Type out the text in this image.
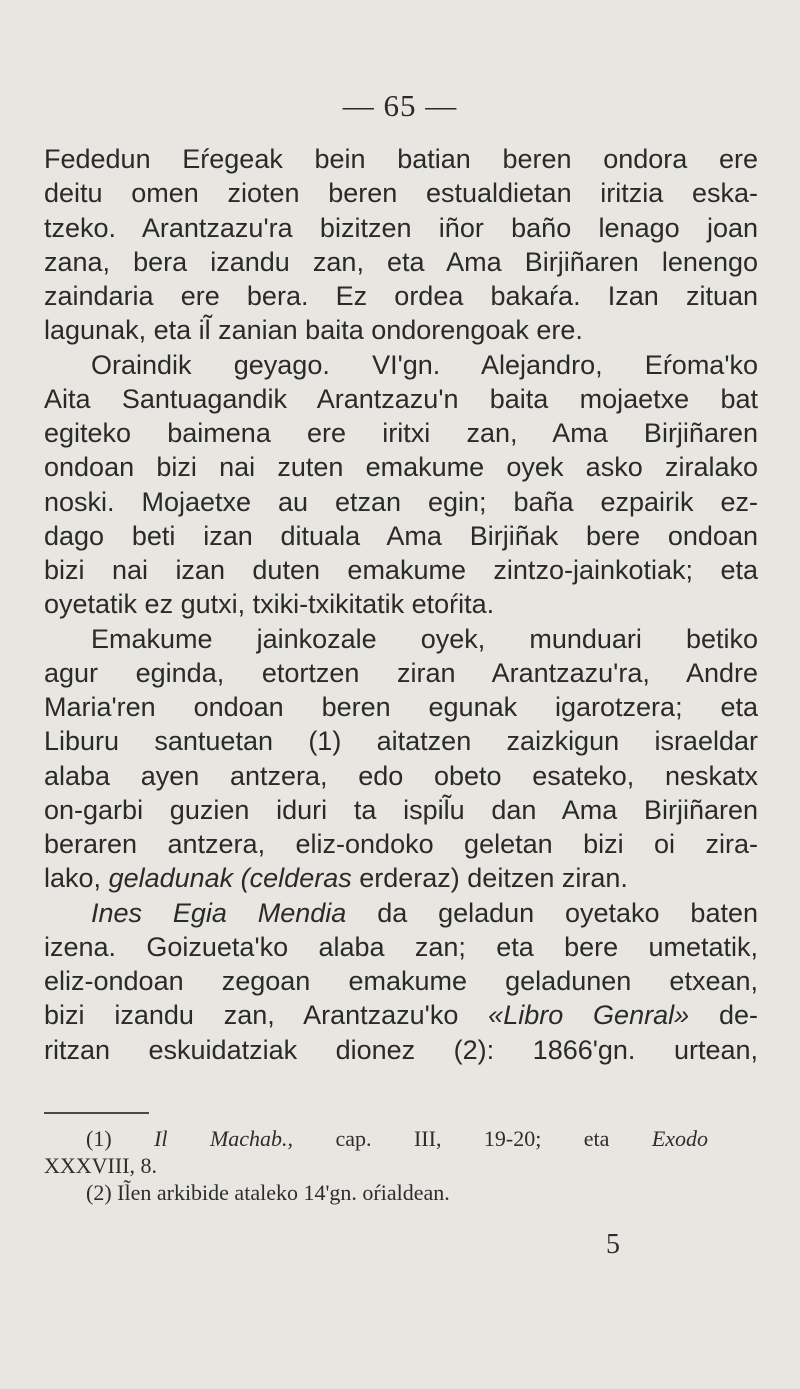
— 65 —
Fededun Eŕegeak bein batian beren ondora ere
deitu omen zioten beren estualdietan iritzia eska-
tzeko. Arantzazu'ra bizitzen iñor baño lenago joan
zana, bera izandu zan, eta Ama Birjiñaren lenengo
zaindaria ere bera. Ez ordea bakaŕa. Izan zituan
lagunak, eta il̃ zanian baita ondorengoak ere.
Oraindik geyago. VI'gn. Alejandro, Eŕoma'ko
Aita Santuagandik Arantzazu'n baita mojaetxe bat
egiteko baimena ere iritxi zan, Ama Birjiñaren
ondoan bizi nai zuten emakume oyek asko ziralako
noski. Mojaetxe au etzan egin; baña ezpairik ez-
dago beti izan dituala Ama Birjiñak bere ondoan
bizi nai izan duten emakume zintzo-jainkotiak; eta
oyetatik ez gutxi, txiki-txikitatik etoŕita.
Emakume jainkozale oyek, munduari betiko
agur eginda, etortzen ziran Arantzazu'ra, Andre
Maria'ren ondoan beren egunak igarotzera; eta
Liburu santuetan (1) aitatzen zaizkigun israeldar
alaba ayen antzera, edo obeto esateko, neskatx
on-garbi guzien iduri ta ispil̃u dan Ama Birjiñaren
beraren antzera, eliz-ondoko geletan bizi oi zira-
lako, geladunak (celderas erderaz) deitzen ziran.
Ines Egia Mendia da geladun oyetako baten
izena. Goizueta'ko alaba zan; eta bere umetatik,
eliz-ondoan zegoan emakume geladunen etxean,
bizi izandu zan, Arantzazu'ko «Libro Genral» de-
ritzan eskuidatziak dionez (2): 1866'gn. urtean,
(1) Il Machab., cap. III, 19-20; eta Exodo
XXXVIII, 8.
(2) Il̃en arkibide ataleko 14'gn. oŕialdean.
5
